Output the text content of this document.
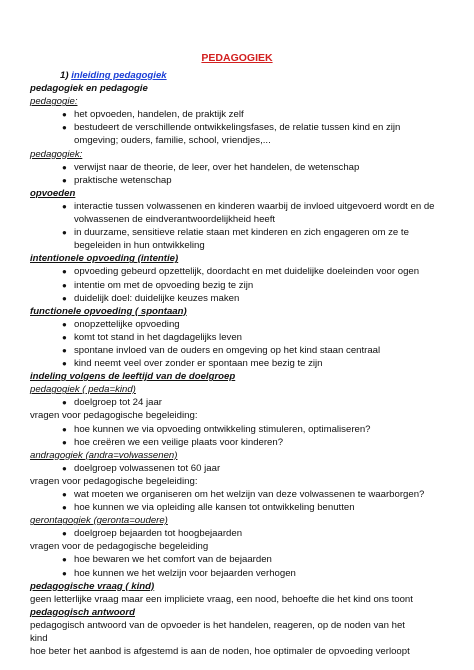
PEDAGOGIEK
1) inleiding pedagogiek
pedagogiek en pedagogie
pedagogie:
● het opvoeden, handelen, de praktijk zelf
● bestudeert de verschillende ontwikkelingsfases, de relatie tussen kind en zijn
omgeving; ouders, familie, school, vriendjes,...
pedagogiek:
● verwijst naar de theorie, de leer, over het handelen, de wetenschap
● praktische wetenschap
opvoeden
● interactie tussen volwassenen en kinderen waarbij de invloed uitgevoerd wordt en de
volwassenen de eindverantwoordelijkheid heeft
● in duurzame, sensitieve relatie staan met kinderen en zich engageren om ze te
begeleiden in hun ontwikkeling
intentionele opvoeding (intentie)
● opvoeding gebeurd opzettelijk, doordacht en met duidelijke doeleinden voor ogen
● intentie om met de opvoeding bezig te zijn
● duidelijk doel: duidelijke keuzes maken
functionele opvoeding ( spontaan)
● onopzettelijke opvoeding
● komt tot stand in het dagdagelijks leven
● spontane invloed van de ouders en omgeving op het kind staan centraal
● kind neemt veel over zonder er spontaan mee bezig te zijn
indeling volgens de leeftijd van de doelgroep
pedagogiek ( peda=kind)
● doelgroep tot 24 jaar
vragen voor pedagogische begeleiding:
● hoe kunnen we via opvoeding ontwikkeling stimuleren, optimaliseren?
● hoe creëren we een veilige plaats voor kinderen?
andragogiek (andra=volwassenen)
● doelgroep volwassenen tot 60 jaar
vragen voor pedagogische begeleiding:
● wat moeten we organiseren om het welzijn van deze volwassenen te waarborgen?
● hoe kunnen we via opleiding alle kansen tot ontwikkeling benutten
gerontagogiek (geronta=oudere)
● doelgroep bejaarden tot hoogbejaarden
vragen voor de pedagogische begeleiding
● hoe bewaren we het comfort van de bejaarden
● hoe kunnen we het welzijn voor bejaarden verhogen
pedagogische vraag ( kind)
geen letterlijke vraag maar een impliciete vraag, een nood, behoefte die het kind ons toont
pedagogisch antwoord
pedagogisch antwoord van de opvoeder is het handelen, reageren, op de noden van het
kind
hoe beter het aanbod is afgestemd is aan de noden, hoe optimaler de opvoeding verloopt
